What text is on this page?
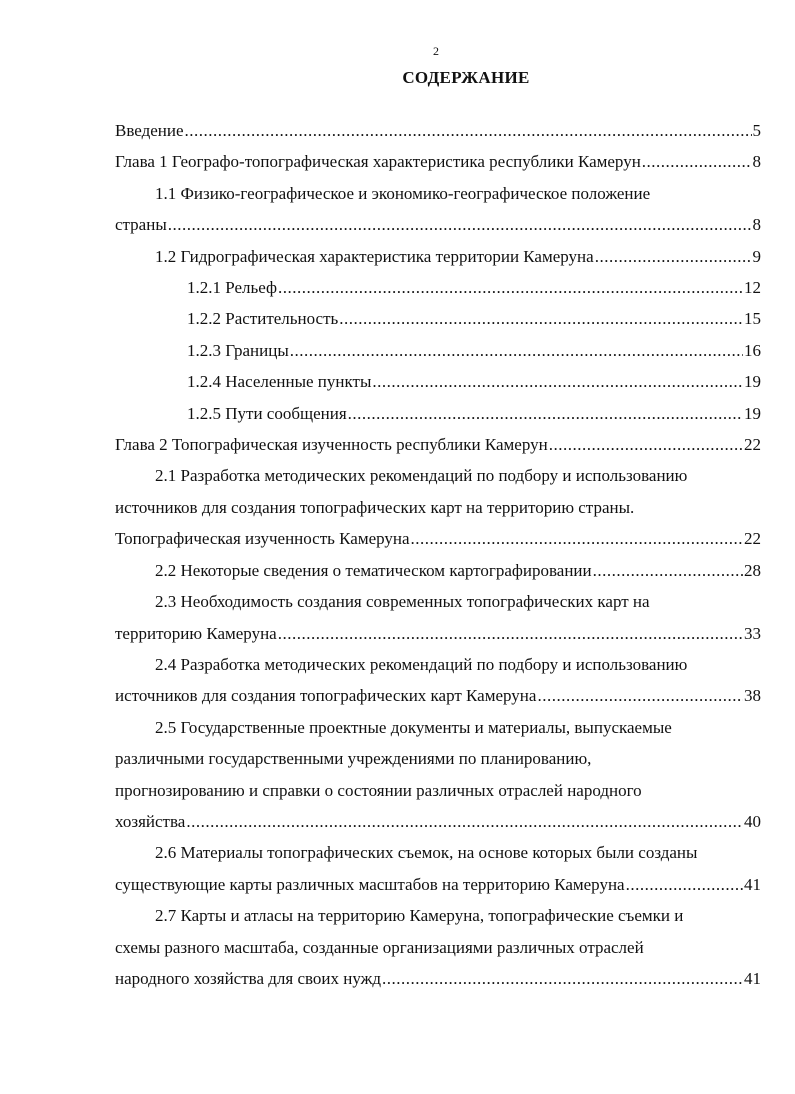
2
СОДЕРЖАНИЕ
Введение .....	5
Глава 1 Географо-топографическая характеристика республики Камерун .....	8
1.1 Физико-географическое и экономико-географическое положение
страны .....	8
1.2 Гидрографическая характеристика территории Камеруна .....	9
1.2.1 Рельеф .....	12
1.2.2 Растительность .....	15
1.2.3 Границы .....	16
1.2.4 Населенные пункты .....	19
1.2.5 Пути сообщения .....	19
Глава 2 Топографическая изученность республики Камерун .....	22
2.1 Разработка методических рекомендаций по подбору и использованию
источников для создания топографических карт на территорию страны.
Топографическая изученность Камеруна .....	22
2.2 Некоторые сведения о тематическом картографировании .....	28
2.3 Необходимость создания современных топографических карт на
территорию Камеруна .....	33
2.4 Разработка методических рекомендаций по подбору и использованию
источников для создания топографических карт Камеруна .....	38
2.5 Государственные проектные документы и материалы, выпускаемые
различными государственными учреждениями по планированию,
прогнозированию и справки о состоянии различных отраслей народного
хозяйства .....	40
2.6 Материалы топографических съемок, на основе которых были созданы
существующие карты различных масштабов на территорию Камеруна .....	41
2.7 Карты и атласы на территорию Камеруна, топографические съемки и
схемы разного масштаба, созданные организациями различных отраслей
народного хозяйства для своих нужд .....	41
